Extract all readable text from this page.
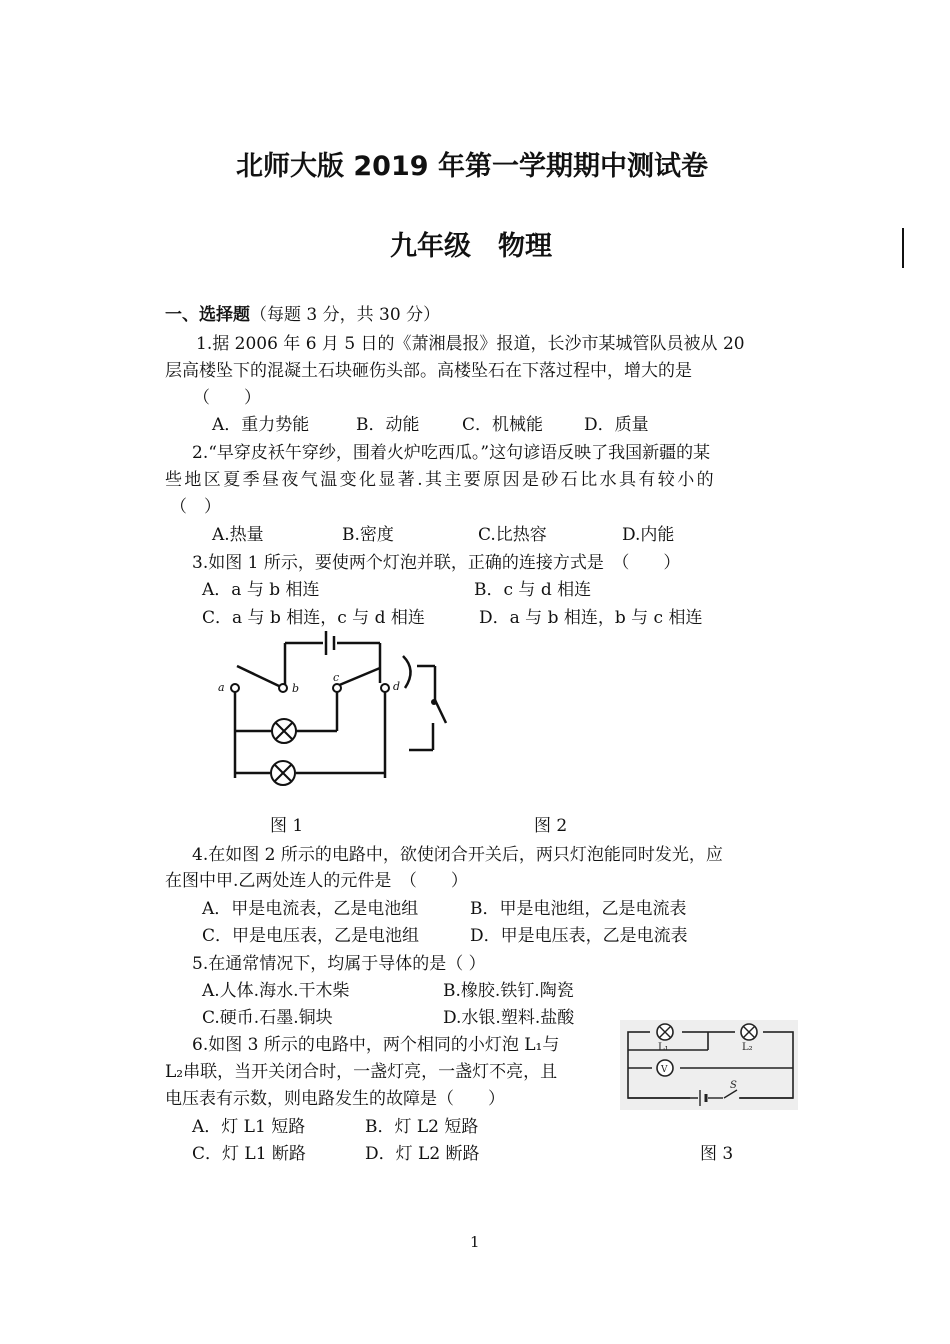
北师大版 2019 年第一学期期中测试卷
九年级　物理
一、选择题（每题 3 分，共 30 分）
1.据 2006 年 6 月 5 日的《萧湘晨报》报道，长沙市某城管队员被从 20
层高楼坠下的混凝土石块砸伤头部。高楼坠石在下落过程中，增大的是
（　　）
A．重力势能	B．动能	C．机械能 D．质量
2.“早穿皮袄午穿纱，围着火炉吃西瓜。”这句谚语反映了我国新疆的某
些地区夏季昼夜气温变化显著.其主要原因是砂石比水具有较小的
（　）
A.热量	B.密度	C.比热容	D.内能
3.如图 1 所示，要使两个灯泡并联，正确的连接方式是　（　　）
A．a 与 b 相连	B．c 与 d 相连
C．a 与 b 相连，c 与 d 相连	D．a 与 b 相连，b 与 c 相连
a	b
c
d
图 1	图 2
4.在如图 2 所示的电路中，欲使闭合开关后，两只灯泡能同时发光，应
在图中甲.乙两处连人的元件是　（　　）
A．甲是电流表，乙是电池组	B．甲是电池组，乙是电流表
C．甲是电压表，乙是电池组	D．甲是电压表，乙是电流表
5.在通常情况下，均属于导体的是（ ）
A.人体.海水.干木柴	B.橡胶.铁钉.陶瓷
C.硬币.石墨.铜块	D.水银.塑料.盐酸
6.如图 3 所示的电路中，两个相同的小灯泡 L₁与
L₂串联，当开关闭合时，一盏灯亮，一盏灯不亮，且
电压表有示数，则电路发生的故障是（　　）
A．灯 L1 短路	B．灯 L2 短路
C．灯 L1 断路	D．灯 L2 断路
L₁	L₂
V
S
图 3
1
